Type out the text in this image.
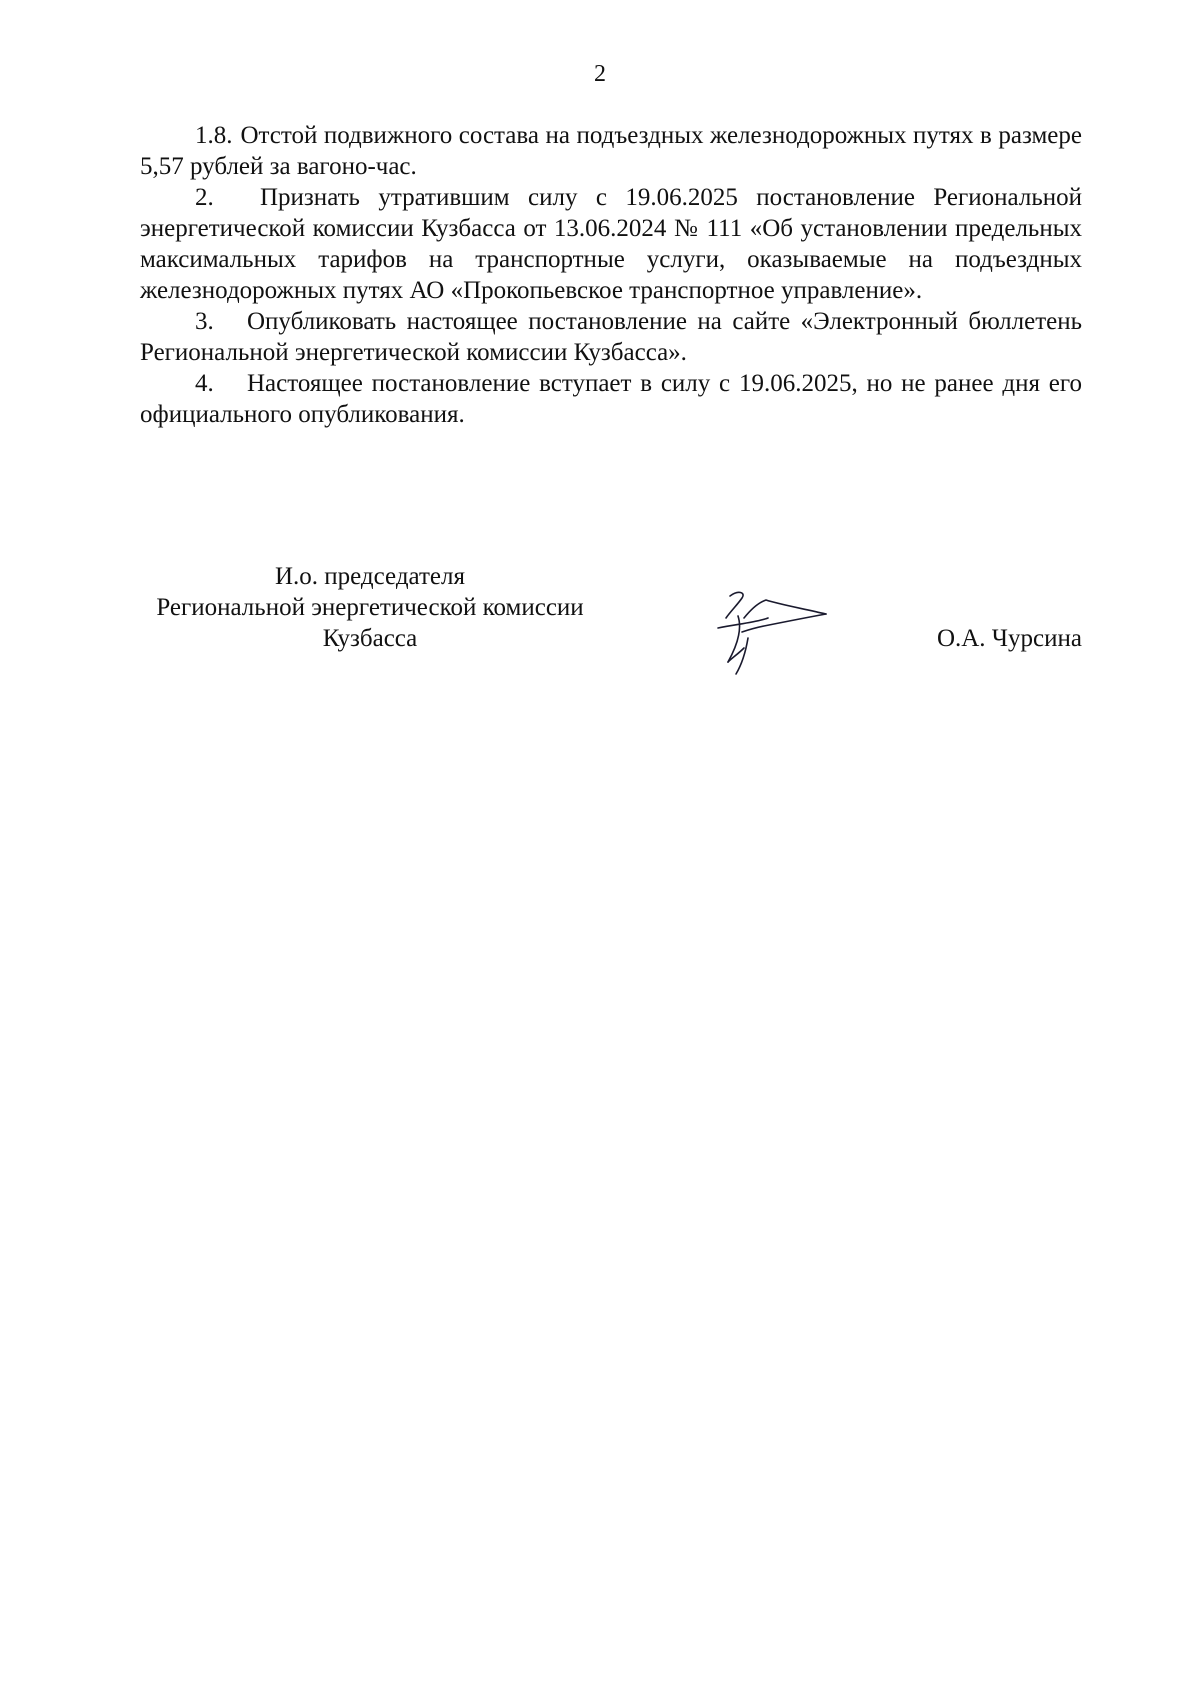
2

1.8. Отстой подвижного состава на подъездных железнодорожных путях в размере 5,57 рублей за вагоно-час.

2. Признать утратившим силу с 19.06.2025 постановление Региональной энергетической комиссии Кузбасса от 13.06.2024 № 111 «Об установлении предельных максимальных тарифов на транспортные услуги, оказываемые на подъездных железнодорожных путях АО «Прокопьевское транспортное управление».

3. Опубликовать настоящее постановление на сайте «Электронный бюллетень Региональной энергетической комиссии Кузбасса».

4. Настоящее постановление вступает в силу с 19.06.2025, но не ранее дня его официального опубликования.

И.о. председателя
Региональной энергетической комиссии
Кузбасса	О.А. Чурсина
